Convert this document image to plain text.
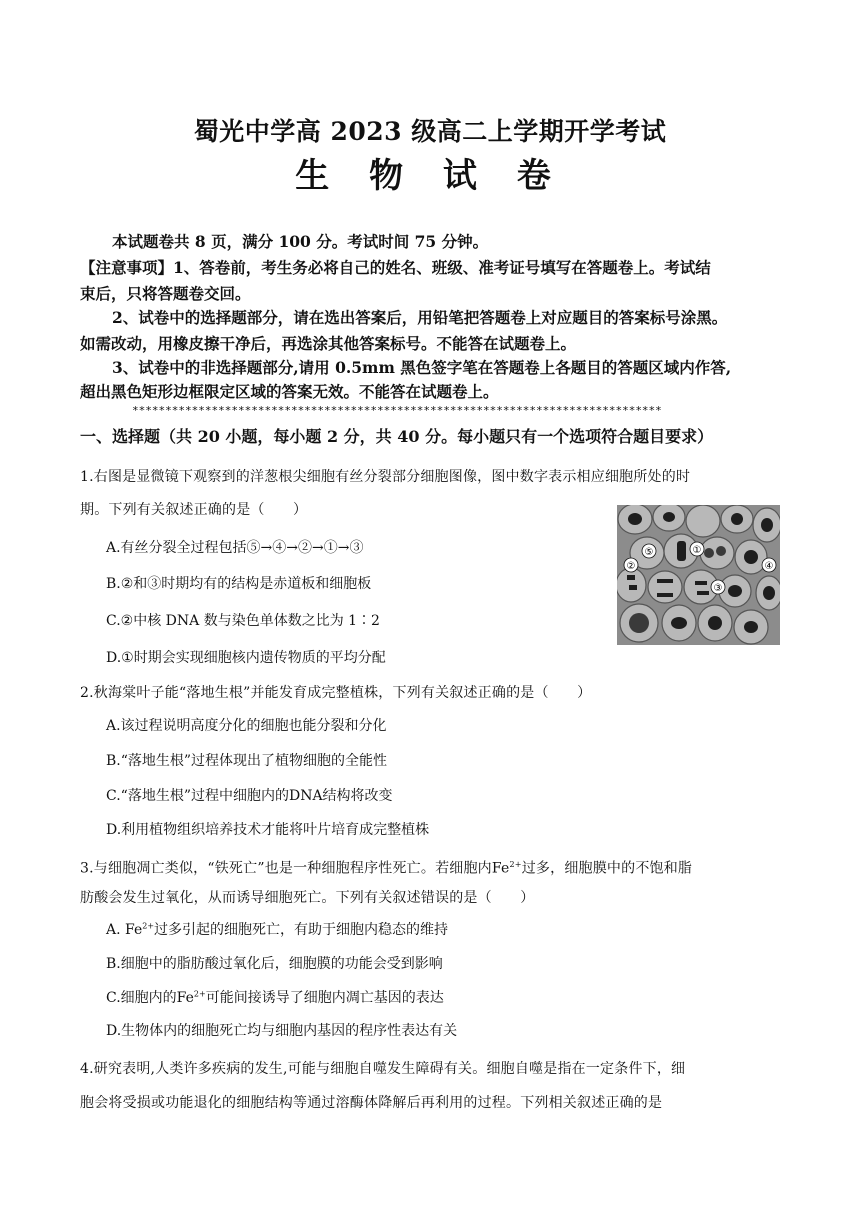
蜀光中学高 2023 级高二上学期开学考试
生 物 试 卷
本试题卷共 8 页，满分 100 分。考试时间 75 分钟。
【注意事项】1、答卷前，考生务必将自己的姓名、班级、准考证号填写在答题卷上。考试结
束后，只将答题卷交回。
2、试卷中的选择题部分，请在选出答案后，用铅笔把答题卷上对应题目的答案标号涂黑。
如需改动，用橡皮擦干净后，再选涂其他答案标号。不能答在试题卷上。
3、试卷中的非选择题部分,请用 0.5mm 黑色签字笔在答题卷上各题目的答题区域内作答,
超出黑色矩形边框限定区域的答案无效。不能答在试题卷上。
********************************************************************************
一、选择题（共 20 小题，每小题 2 分，共 40 分。每小题只有一个选项符合题目要求）
1.右图是显微镜下观察到的洋葱根尖细胞有丝分裂部分细胞图像，图中数字表示相应细胞所处的时
期。下列有关叙述正确的是（　　）
A.有丝分裂全过程包括⑤→④→②→①→③
B.②和③时期均有的结构是赤道板和细胞板
C.②中核 DNA 数与染色单体数之比为 1∶2
D.①时期会实现细胞核内遗传物质的平均分配
⑤	①
②
③
④
2.秋海棠叶子能“落地生根”并能发育成完整植株，下列有关叙述正确的是（　　）
A.该过程说明高度分化的细胞也能分裂和分化
B.“落地生根”过程体现出了植物细胞的全能性
C.“落地生根”过程中细胞内的DNA结构将改变
D.利用植物组织培养技术才能将叶片培育成完整植株
3.与细胞凋亡类似，“铁死亡”也是一种细胞程序性死亡。若细胞内$Fe^{2+}$过多，细胞膜中的不饱和脂
肪酸会发生过氧化，从而诱导细胞死亡。下列有关叙述错误的是（　　）
A. $Fe^{2+}$过多引起的细胞死亡，有助于细胞内稳态的维持
B.细胞中的脂肪酸过氧化后，细胞膜的功能会受到影响
C.细胞内的$Fe^{2+}$可能间接诱导了细胞内凋亡基因的表达
D.生物体内的细胞死亡均与细胞内基因的程序性表达有关
4.研究表明,人类许多疾病的发生,可能与细胞自噬发生障碍有关。细胞自噬是指在一定条件下，细
胞会将受损或功能退化的细胞结构等通过溶酶体降解后再利用的过程。下列相关叙述正确的是
